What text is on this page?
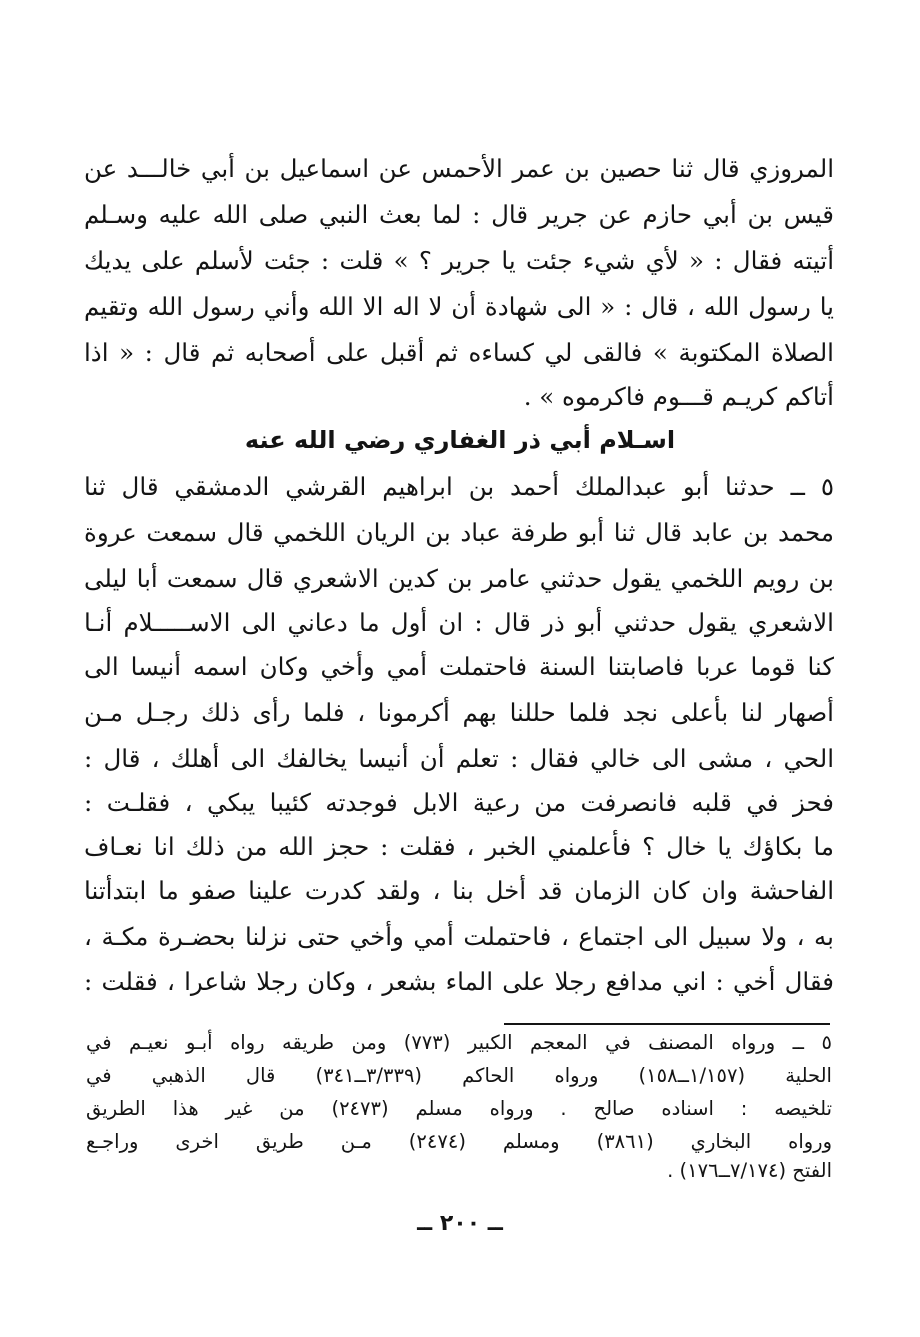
المروزي قال ثنا حصين بن عمر الأحمس عن اسماعيل بن أبي خالـــد عن
قيس بن أبي حازم عن جرير قال : لما بعث النبي صلى الله عليه وسـلم
أتيته فقال : « لأي شيء جئت يا جرير ؟ » قلت : جئت لأسلم على يديك
يا رسول الله ، قال : « الى شهادة أن لا اله الا الله وأني رسول الله وتقيم
الصلاة المكتوبة » فالقى لي كساءه ثم أقبل على أصحابه ثم قال : « اذا
أتاكم كريـم قـــوم فاكرموه » .
اسـلام أبي ذر الغفاري رضي الله عنه
٥ ــ حدثنا أبو عبدالملك أحمد بن ابراهيم القرشي الدمشقي قال ثنا
محمد بن عابد قال ثنا أبو طرفة عباد بن الريان اللخمي قال سمعت عروة
بن رويم اللخمي يقول حدثني عامر بن كدين الاشعري قال سمعت أبا ليلى
الاشعري يقول حدثني أبو ذر قال : ان أول ما دعاني الى الاســـــلام أنـا
كنا قوما عربا فاصابتنا السنة فاحتملت أمي وأخي وكان اسمه أنيسا الى
أصهار لنا بأعلى نجد فلما حللنا بهم أكرمونا ، فلما رأى ذلك رجـل مـن
الحي ، مشى الى خالي فقال : تعلم أن أنيسا يخالفك الى أهلك ، قال :
فحز في قلبه فانصرفت من رعية الابل فوجدته كئيبا يبكي ، فقلـت :
ما بكاؤك يا خال ؟ فأعلمني الخبر ، فقلت : حجز الله من ذلك انا نعـاف
الفاحشة وان كان الزمان قد أخل بنا ، ولقد كدرت علينا صفو ما ابتدأتنا
به ، ولا سبيل الى اجتماع ، فاحتملت أمي وأخي حتى نزلنا بحضـرة مكـة ،
فقال أخي : اني مدافع رجلا على الماء بشعر ، وكان رجلا شاعرا ، فقلت :
٥ ــ ورواه المصنف في المعجم الكبير (٧٧٣) ومن طريقه رواه أبـو نعيـم في
الحلية (١/١٥٧ــ١٥٨) ورواه الحاكم (٣/٣٣٩ــ٣٤١) قال الذهبي في
تلخيصه : اسناده صالح . ورواه مسلم (٢٤٧٣) من غير هذا الطريق
ورواه البخاري (٣٨٦١) ومسلم (٢٤٧٤) مـن طريق اخرى وراجـع
الفتح (٧/١٧٤ــ١٧٦) .
ــ ٢٠٠ ــ
